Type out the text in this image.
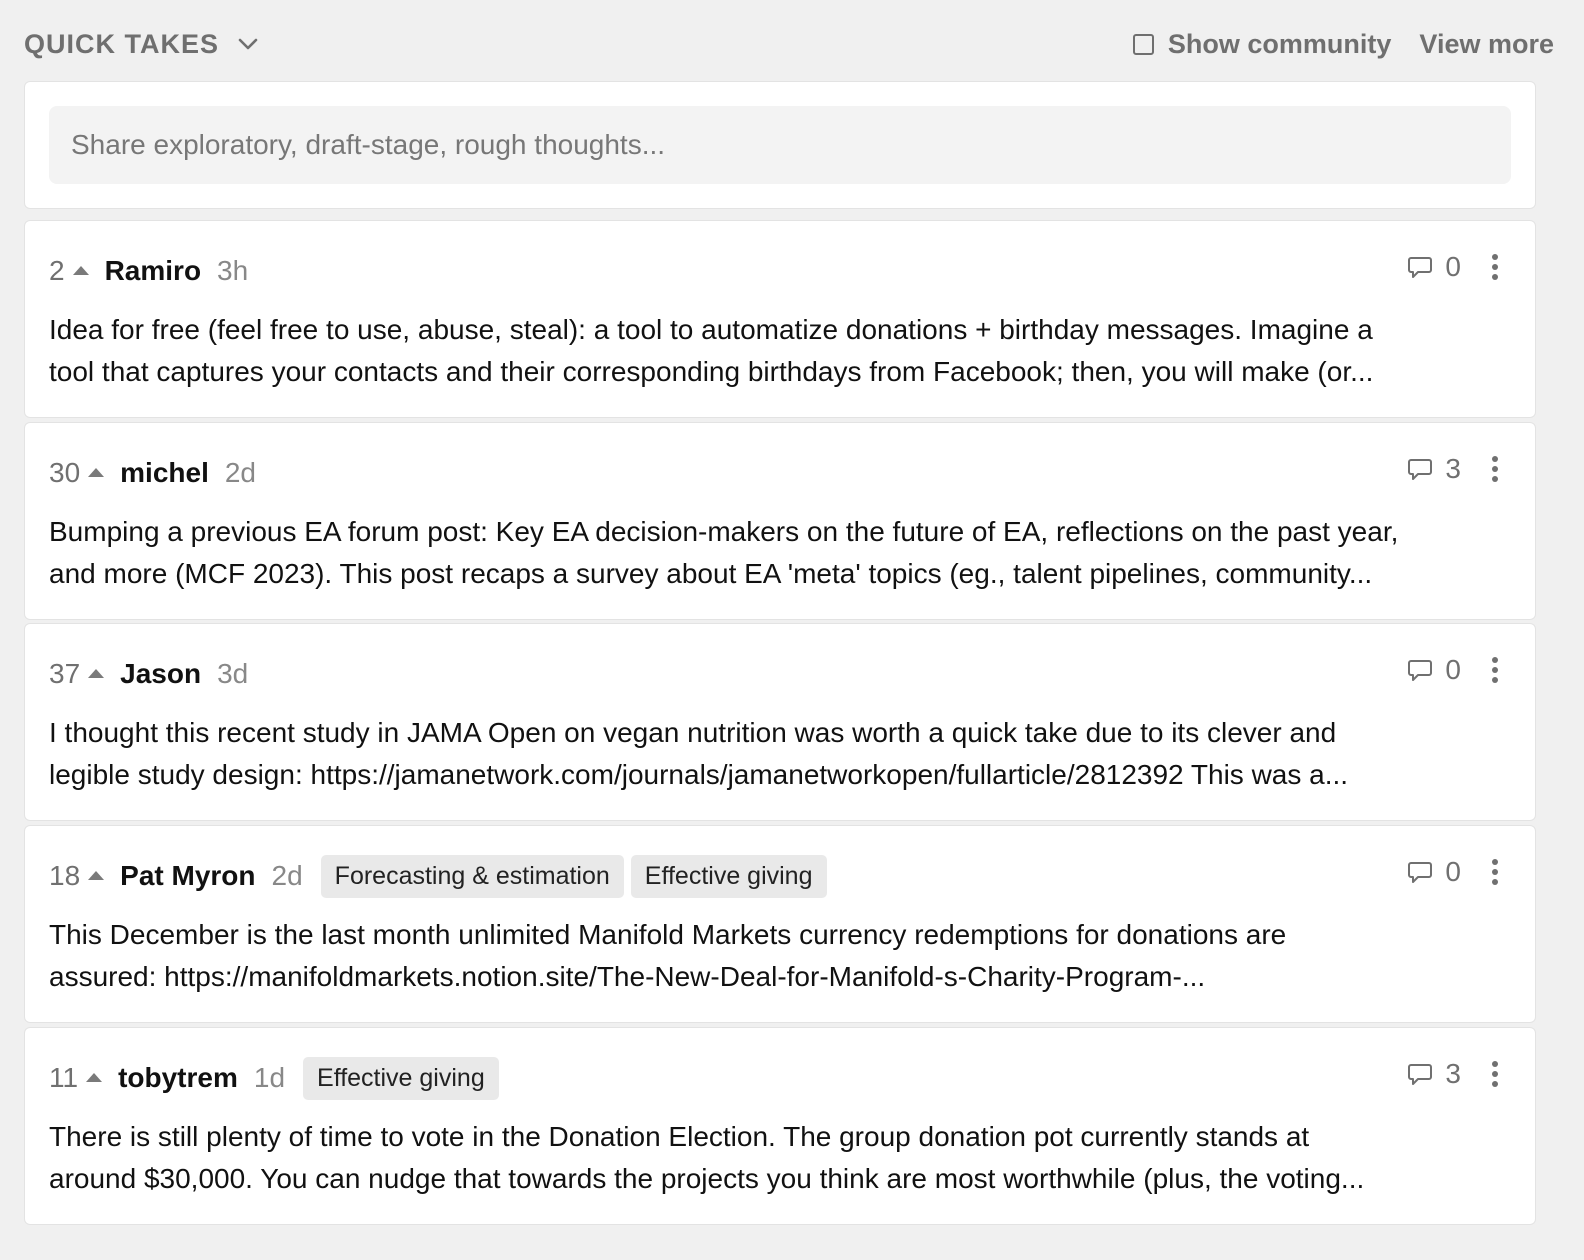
QUICK TAKES	Show community View more
Share exploratory, draft-stage, rough thoughts...
2 Ramiro 3h	0
Idea for free (feel free to use, abuse, steal): a tool to automatize donations + birthday messages. Imagine a
tool that captures your contacts and their corresponding birthdays from Facebook; then, you will make (or...
30 michel 2d	3
Bumping a previous EA forum post: Key EA decision-makers on the future of EA, reflections on the past year,
and more (MCF 2023). This post recaps a survey about EA 'meta' topics (eg., talent pipelines, community...
37 Jason 3d	0
I thought this recent study in JAMA Open on vegan nutrition was worth a quick take due to its clever and
legible study design: https://jamanetwork.com/journals/jamanetworkopen/fullarticle/2812392 This was a...
18 Pat Myron 2d	Forecasting & estimation	Effective giving	0
This December is the last month unlimited Manifold Markets currency redemptions for donations are
assured: https://manifoldmarkets.notion.site/The-New-Deal-for-Manifold-s-Charity-Program-...
11 tobytrem 1d	Effective giving	3
There is still plenty of time to vote in the Donation Election. The group donation pot currently stands at
around $30,000. You can nudge that towards the projects you think are most worthwhile (plus, the voting...
